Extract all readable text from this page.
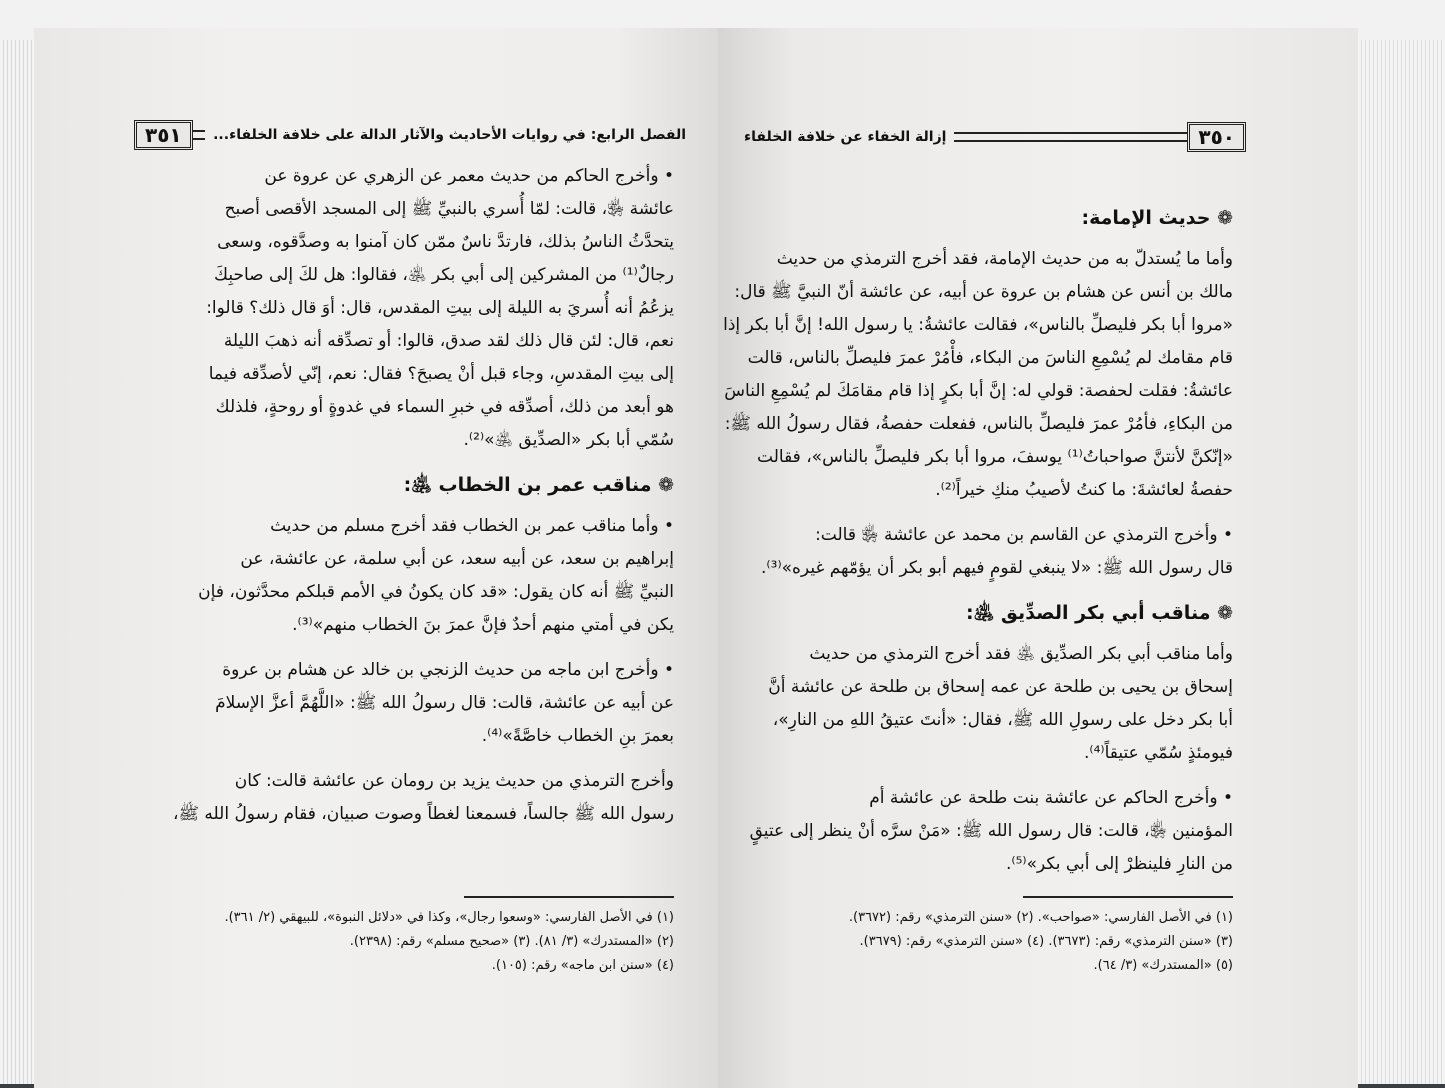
الفصل الرابع: في روايات الأحاديث والآثار الدالة على خلافة الخلفاء...
٣٥١

• وأخرج الحاكم من حديث معمر عن الزهري عن عروة عن
عائشة ﵂، قالت: لمّا أُسري بالنبيِّ ﷺ إلى المسجد الأقصى أصبح
يتحدَّثُ الناسُ بذلك، فارتدَّ ناسٌ ممّن كان آمنوا به وصدَّقوه، وسعى
رجالٌ⁽¹⁾ من المشركين إلى أبي بكر ﵁، فقالوا: هل لكَ إلى صاحبِكَ
يزعُمُ أنه أُسريَ به الليلة إلى بيتِ المقدس، قال: أوَ قال ذلك؟ قالوا:
نعم، قال: لئن قال ذلك لقد صدق، قالوا: أو تصدِّقه أنه ذهبَ الليلة
إلى بيتِ المقدسِ، وجاء قبل أنْ يصبحَ؟ فقال: نعم، إنّي لأصدِّقه فيما
هو أبعد من ذلك، أصدِّقه في خبرِ السماء في غدوةٍ أو روحةٍ، فلذلك
سُمّي أبا بكر «الصدِّيق ﵁»⁽²⁾.

❁ مناقب عمر بن الخطاب ﵁:

• وأما مناقب عمر بن الخطاب فقد أخرج مسلم من حديث
إبراهيم بن سعد، عن أبيه سعد، عن أبي سلمة، عن عائشة، عن
النبيِّ ﷺ أنه كان يقول: «قد كان يكونُ في الأمم قبلكم محدَّثون، فإن
يكن في أمتي منهم أحدٌ فإنَّ عمرَ بنَ الخطاب منهم»⁽³⁾.

• وأخرج ابن ماجه من حديث الزنجي بن خالد عن هشام بن عروة
عن أبيه عن عائشة، قالت: قال رسولُ الله ﷺ: «اللَّهُمَّ أعزَّ الإسلامَ
بعمرَ بنِ الخطاب خاصَّةً»⁽⁴⁾.

وأخرج الترمذي من حديث يزيد بن رومان عن عائشة قالت: كان
رسول الله ﷺ جالساً، فسمعنا لغطاً وصوت صبيان، فقام رسولُ الله ﷺ،

(١) في الأصل الفارسي: «وسعوا رجال»، وكذا في «دلائل النبوة»، للبيهقي (٢/ ٣٦١).
(٢) «المستدرك» (٣/ ٨١). (٣) «صحيح مسلم» رقم: (٢٣٩٨).
(٤) «سنن ابن ماجه» رقم: (١٠٥).
٣٥٠
إزالة الخفاء عن خلافة الخلفاء
❁ حديث الإمامة:

وأما ما يُستدلّ به من حديث الإمامة، فقد أخرج الترمذي من حديث
مالك بن أنس عن هشام بن عروة عن أبيه، عن عائشة أنّ النبيَّ ﷺ قال:
«مروا أبا بكر فليصلِّ بالناس»، فقالت عائشةُ: يا رسول الله! إنَّ أبا بكر إذا
قام مقامك لم يُسْمِعِ الناسَ من البكاء، فأْمُرْ عمرَ فليصلِّ بالناس، قالت
عائشةُ: فقلت لحفصة: قولي له: إنَّ أبا بكرٍ إذا قام مقامَكَ لم يُسْمِعِ الناسَ
من البكاءِ، فأمُرْ عمرَ فليصلِّ بالناس، ففعلت حفصةُ، فقال رسولُ الله ﷺ:
«إنّكنَّ لأنتنَّ صواحباتُ⁽¹⁾ يوسفَ، مروا أبا بكر فليصلِّ بالناس»، فقالت
حفصةُ لعائشةَ: ما كنتُ لأصيبُ منكِ خيراً⁽²⁾.

• وأخرج الترمذي عن القاسم بن محمد عن عائشة ﵂ قالت:
قال رسول الله ﷺ: «لا ينبغي لقومٍ فيهم أبو بكر أن يؤمّهم غيره»⁽³⁾.

❁ مناقب أبي بكر الصدِّيق ﵁:

وأما مناقب أبي بكر الصدِّيق ﵁ فقد أخرج الترمذي من حديث
إسحاق بن يحيى بن طلحة عن عمه إسحاق بن طلحة عن عائشة أنَّ
أبا بكر دخل على رسولِ الله ﷺ، فقال: «أنتَ عتيقُ اللهِ من النارِ»،
فيومئذٍ سُمّي عتيقاً⁽⁴⁾.

• وأخرج الحاكم عن عائشة بنت طلحة عن عائشة أم
المؤمنين ﵂، قالت: قال رسول الله ﷺ: «مَنْ سرَّه أنْ ينظر إلى عتيقٍ
من النارِ فلينظرْ إلى أبي بكر»⁽⁵⁾.

(١) في الأصل الفارسي: «صواحب». (٢) «سنن الترمذي» رقم: (٣٦٧٢).
(٣) «سنن الترمذي» رقم: (٣٦٧٣). (٤) «سنن الترمذي» رقم: (٣٦٧٩).
(٥) «المستدرك» (٣/ ٦٤).
